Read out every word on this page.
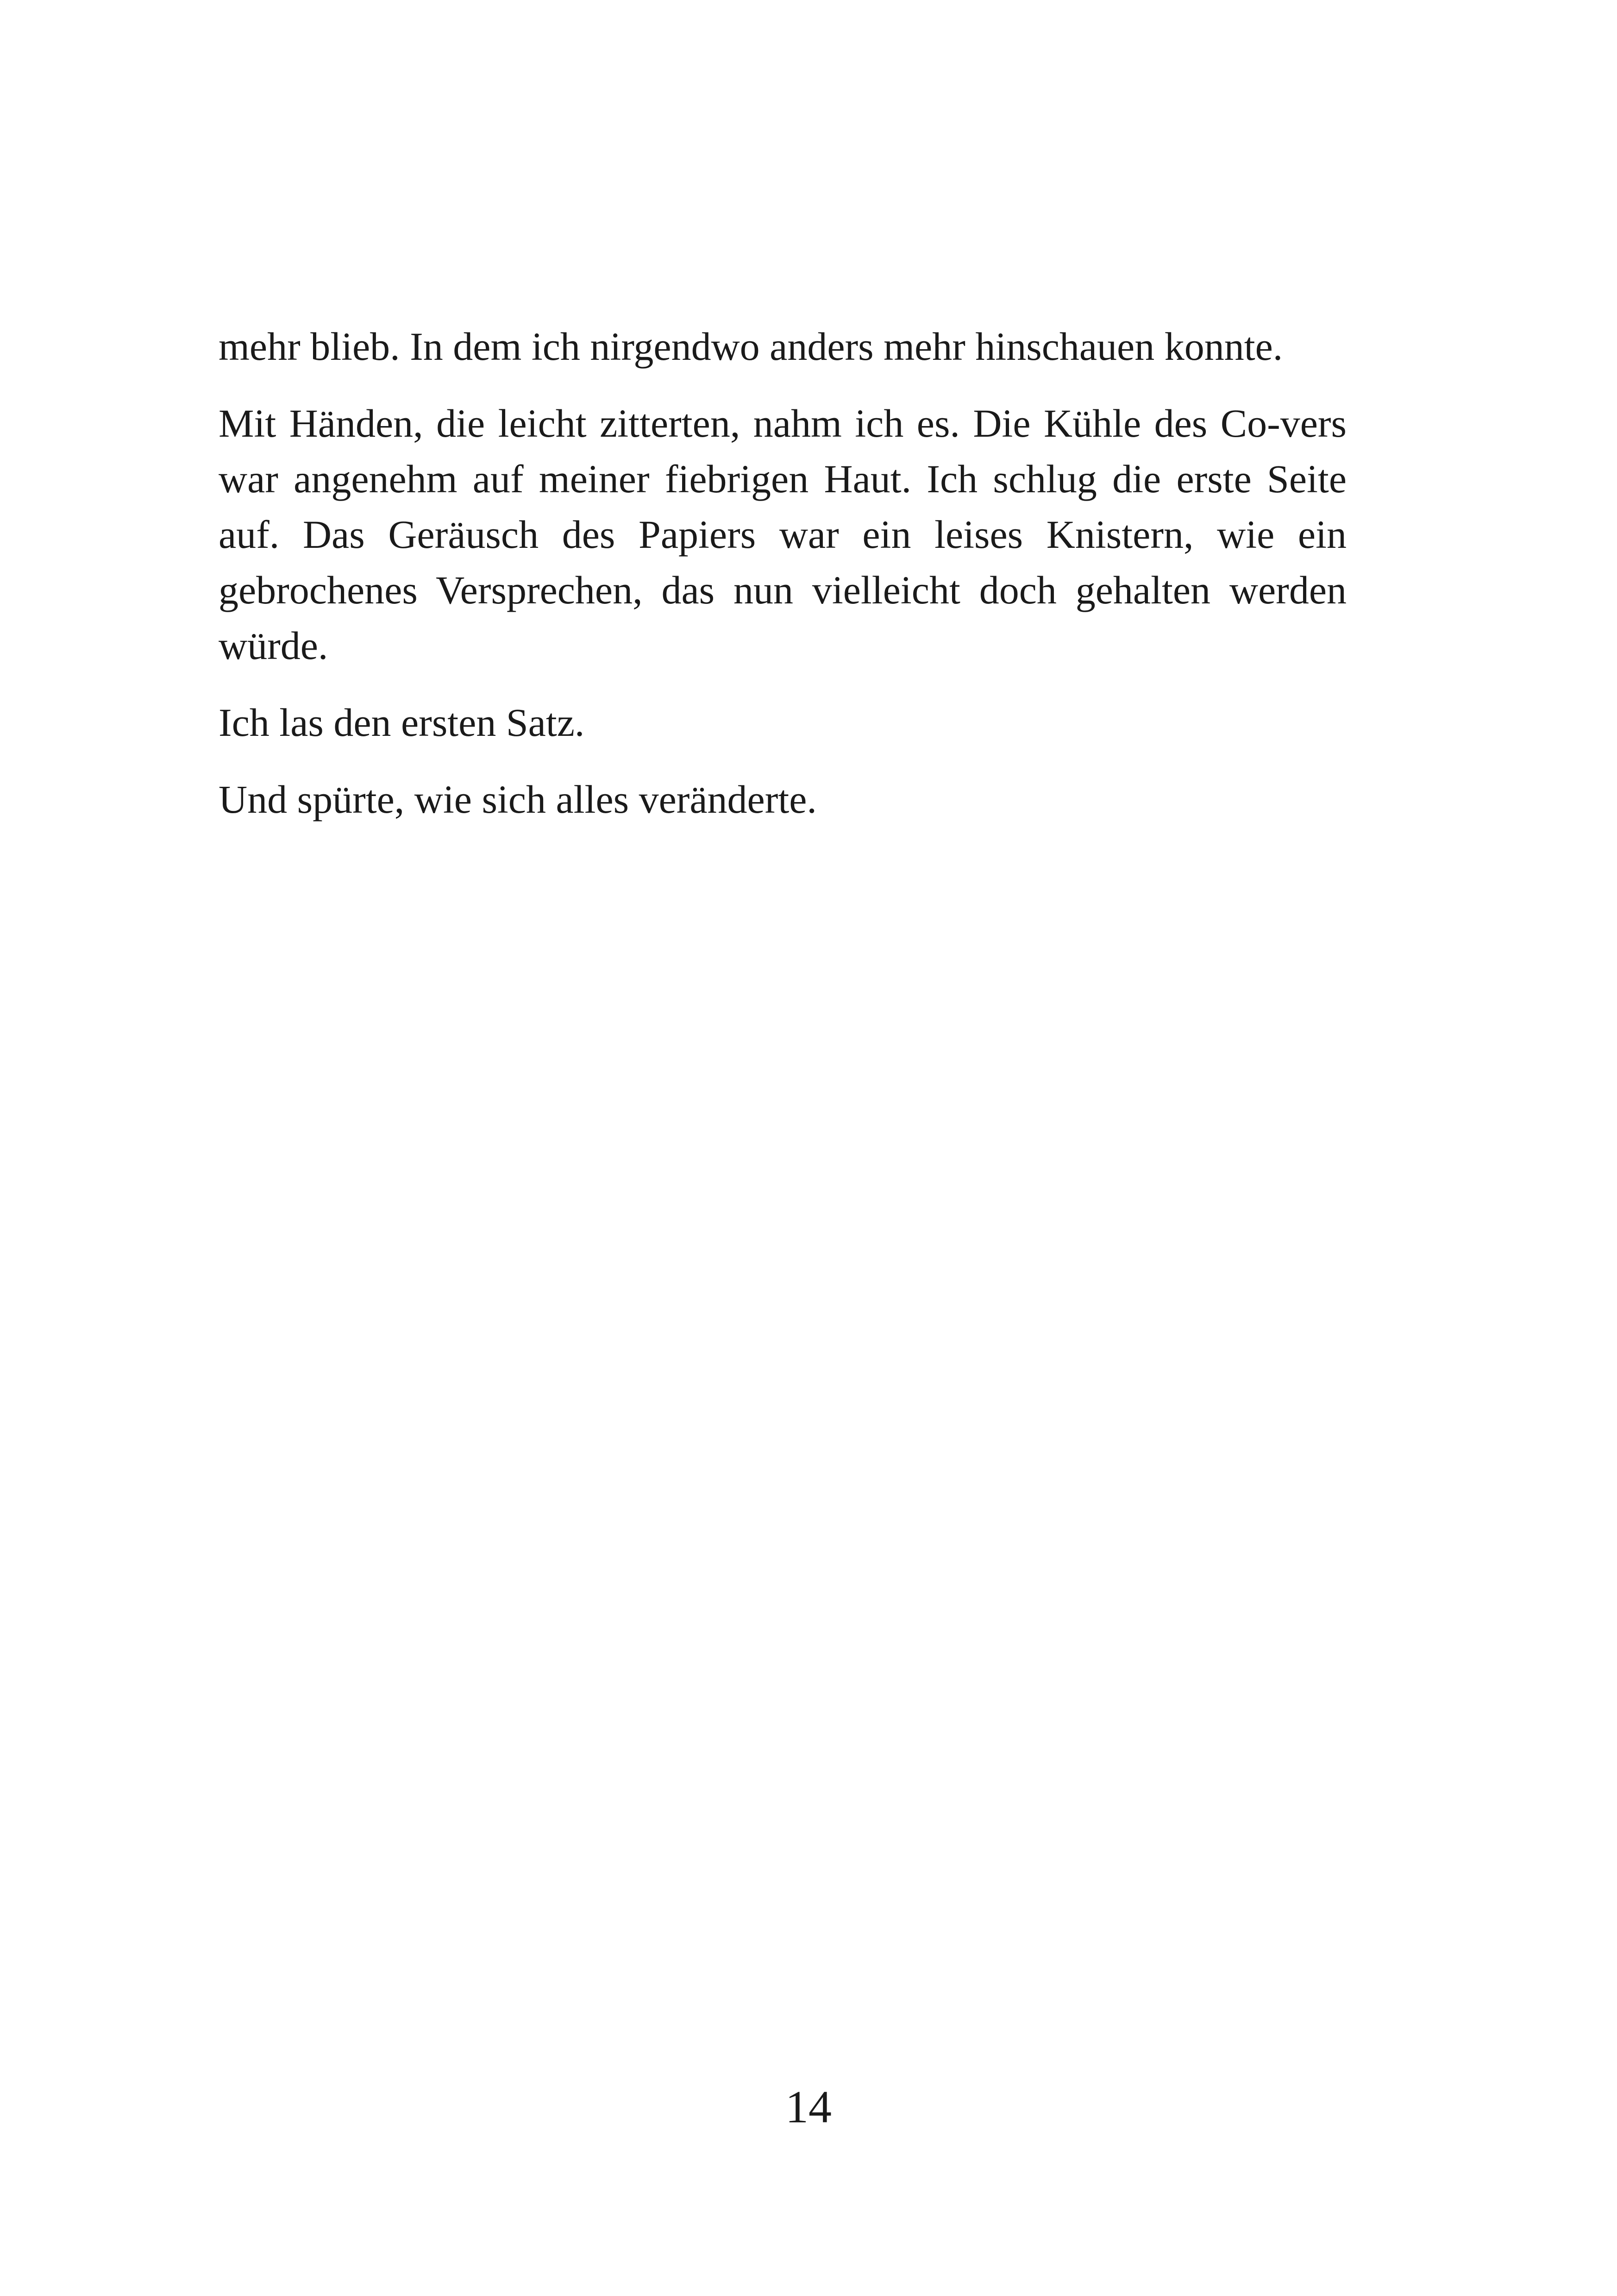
mehr blieb. In dem ich nirgendwo anders mehr hinschauen konnte.

Mit Händen, die leicht zitterten, nahm ich es. Die Kühle des Co-vers war angenehm auf meiner fiebrigen Haut. Ich schlug die erste Seite auf. Das Geräusch des Papiers war ein leises Knistern, wie ein gebrochenes Versprechen, das nun vielleicht doch gehalten werden würde.

Ich las den ersten Satz.

Und spürte, wie sich alles veränderte.

14
